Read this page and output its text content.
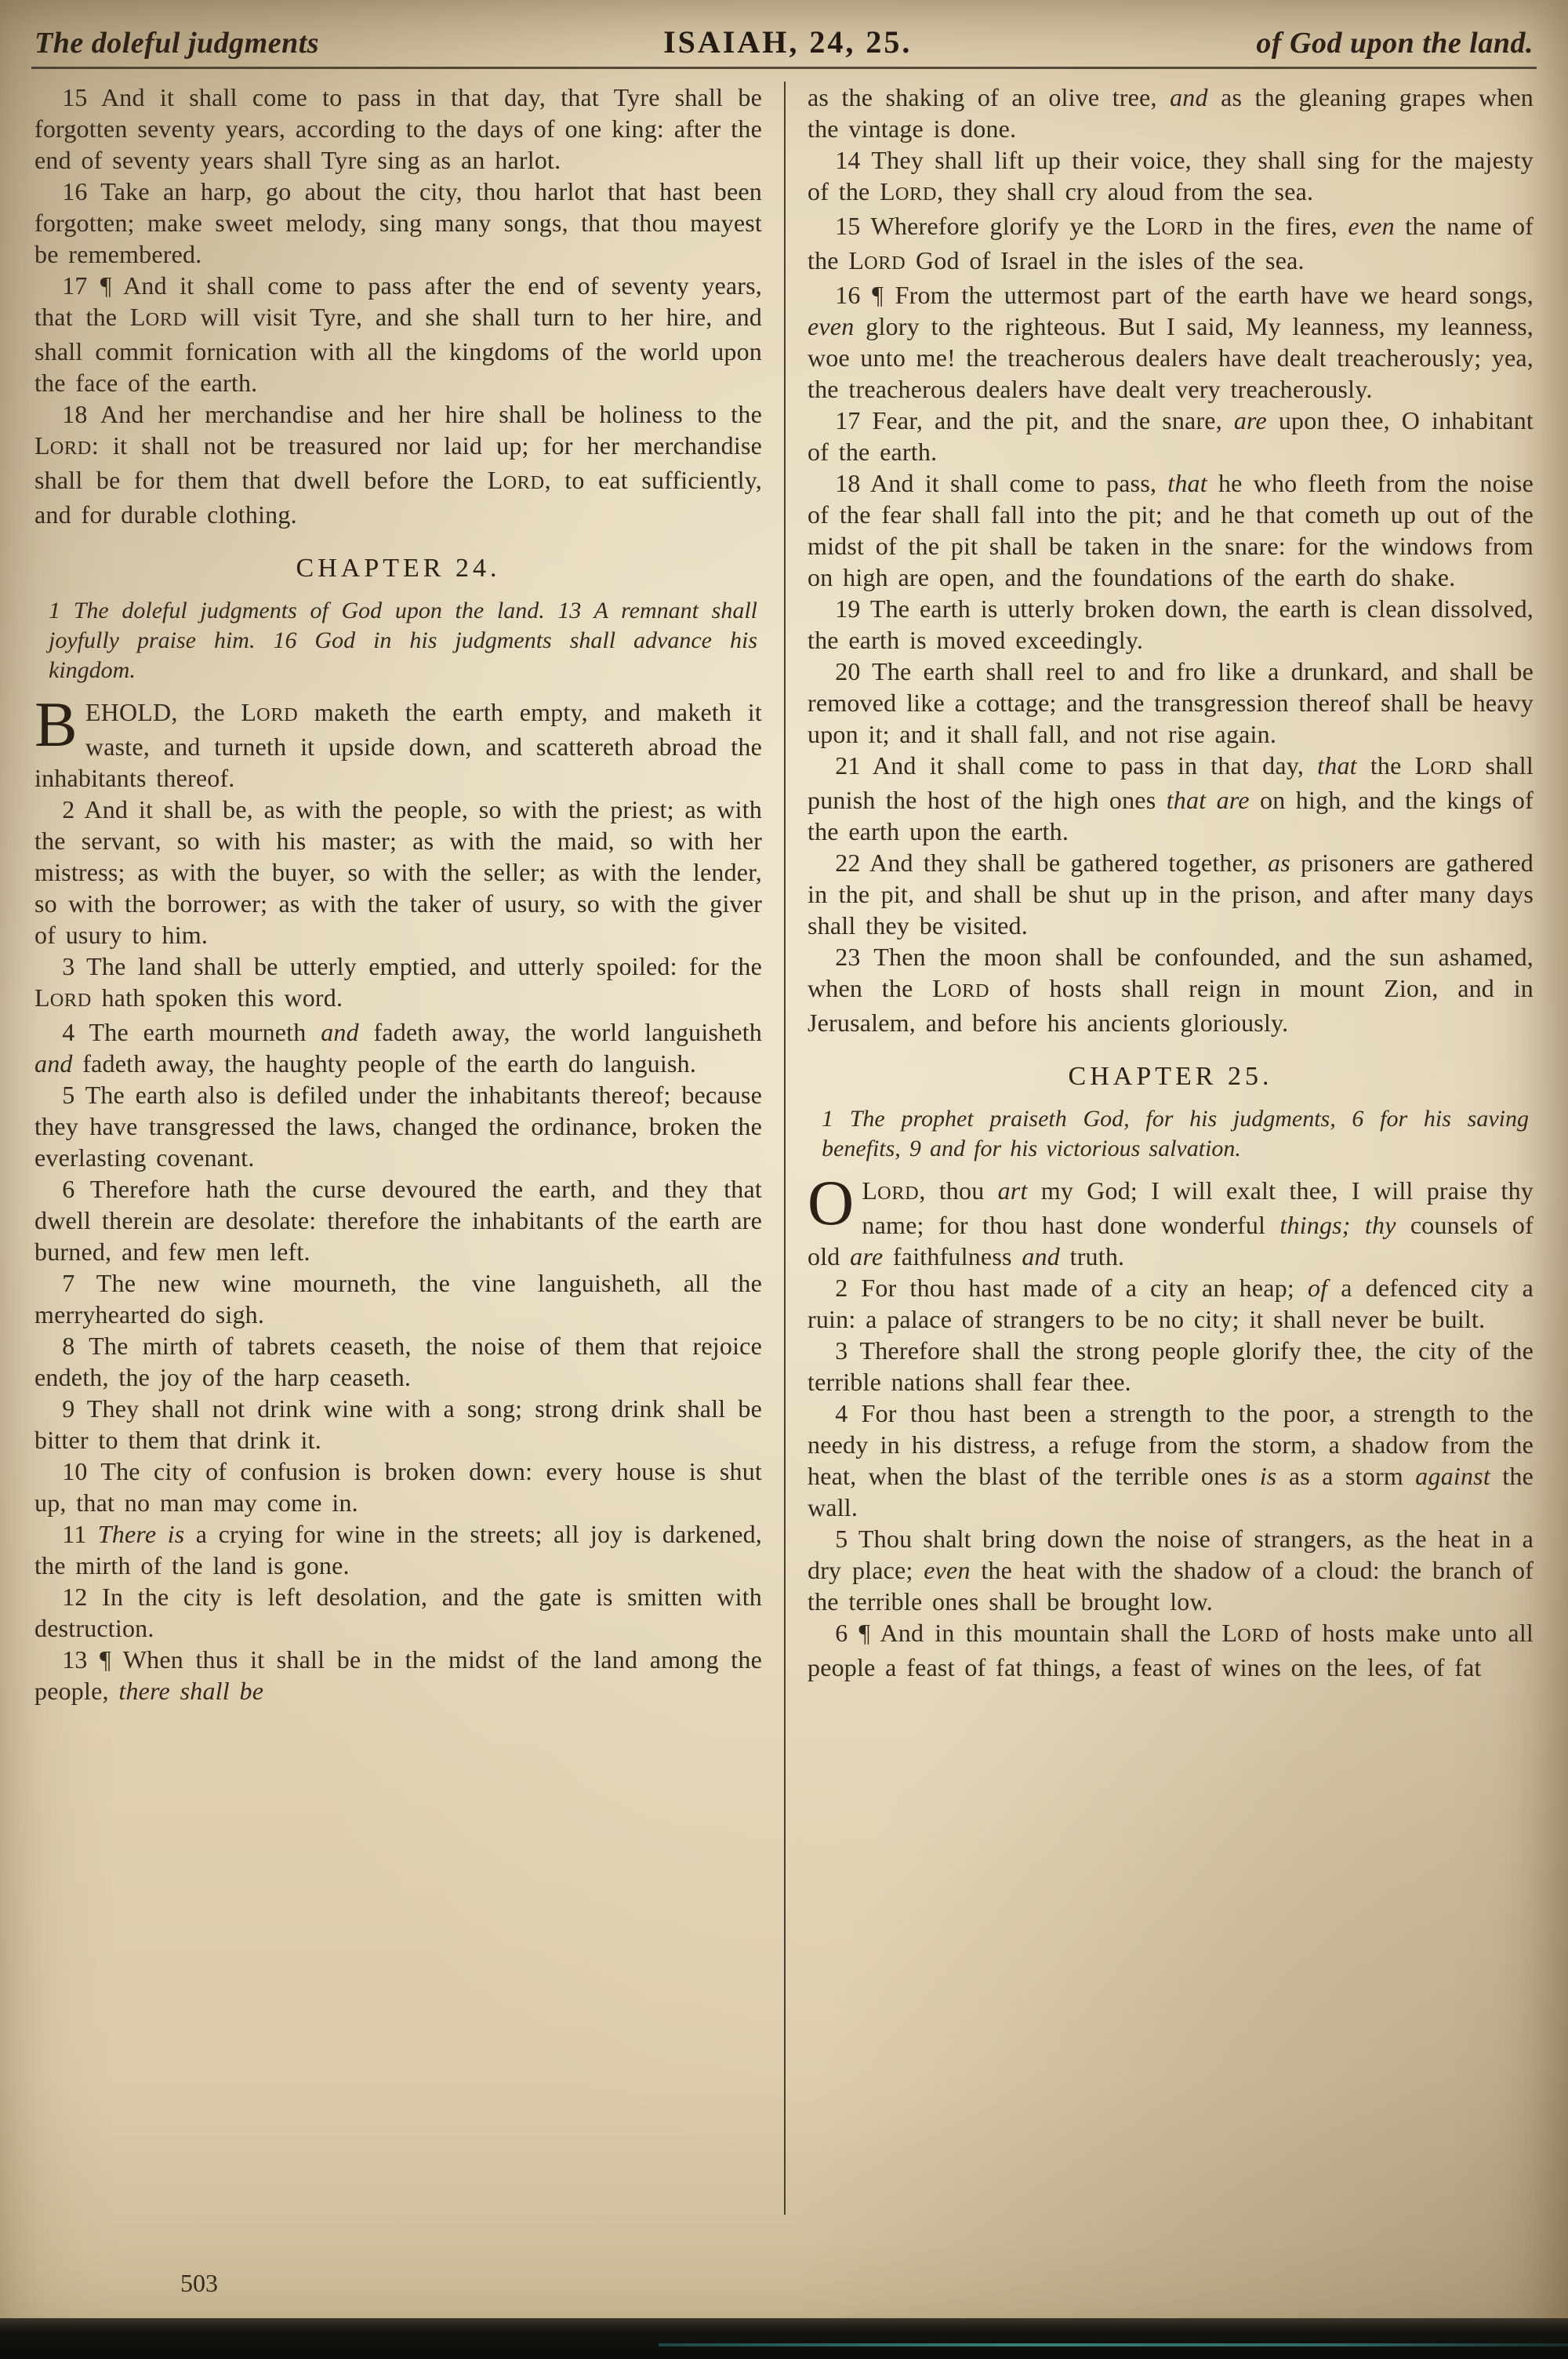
The doleful judgments	ISAIAH, 24, 25.	of God upon the land.

15 And it shall come to pass in that day, that Tyre shall be forgotten seventy years, according to the days of one king: after the end of seventy years shall Tyre sing as an harlot.

16 Take an harp, go about the city, thou harlot that hast been forgotten; make sweet melody, sing many songs, that thou mayest be remembered.

17 ¶ And it shall come to pass after the end of seventy years, that the LORD will visit Tyre, and she shall turn to her hire, and shall commit fornication with all the kingdoms of the world upon the face of the earth.

18 And her merchandise and her hire shall be holiness to the LORD: it shall not be treasured nor laid up; for her merchandise shall be for them that dwell before the LORD, to eat sufficiently, and for durable clothing.

CHAPTER 24.

1 The doleful judgments of God upon the land. 13 A remnant shall joyfully praise him. 16 God in his judgments shall advance his kingdom.

BEHOLD, the LORD maketh the earth empty, and maketh it waste, and turneth it upside down, and scattereth abroad the inhabitants thereof.

2 And it shall be, as with the people, so with the priest; as with the servant, so with his master; as with the maid, so with her mistress; as with the buyer, so with the seller; as with the lender, so with the borrower; as with the taker of usury, so with the giver of usury to him.

3 The land shall be utterly emptied, and utterly spoiled: for the LORD hath spoken this word.

4 The earth mourneth and fadeth away, the world languisheth and fadeth away, the haughty people of the earth do languish.

5 The earth also is defiled under the inhabitants thereof; because they have transgressed the laws, changed the ordinance, broken the everlasting covenant.

6 Therefore hath the curse devoured the earth, and they that dwell therein are desolate: therefore the inhabitants of the earth are burned, and few men left.

7 The new wine mourneth, the vine languisheth, all the merryhearted do sigh.

8 The mirth of tabrets ceaseth, the noise of them that rejoice endeth, the joy of the harp ceaseth.

9 They shall not drink wine with a song; strong drink shall be bitter to them that drink it.

10 The city of confusion is broken down: every house is shut up, that no man may come in.

11 There is a crying for wine in the streets; all joy is darkened, the mirth of the land is gone.

12 In the city is left desolation, and the gate is smitten with destruction.

13 ¶ When thus it shall be in the midst of the land among the people, there shall be

as the shaking of an olive tree, and as the gleaning grapes when the vintage is done.

14 They shall lift up their voice, they shall sing for the majesty of the LORD, they shall cry aloud from the sea.

15 Wherefore glorify ye the LORD in the fires, even the name of the LORD God of Israel in the isles of the sea.

16 ¶ From the uttermost part of the earth have we heard songs, even glory to the righteous. But I said, My leanness, my leanness, woe unto me! the treacherous dealers have dealt treacherously; yea, the treacherous dealers have dealt very treacherously.

17 Fear, and the pit, and the snare, are upon thee, O inhabitant of the earth.

18 And it shall come to pass, that he who fleeth from the noise of the fear shall fall into the pit; and he that cometh up out of the midst of the pit shall be taken in the snare: for the windows from on high are open, and the foundations of the earth do shake.

19 The earth is utterly broken down, the earth is clean dissolved, the earth is moved exceedingly.

20 The earth shall reel to and fro like a drunkard, and shall be removed like a cottage; and the transgression thereof shall be heavy upon it; and it shall fall, and not rise again.

21 And it shall come to pass in that day, that the LORD shall punish the host of the high ones that are on high, and the kings of the earth upon the earth.

22 And they shall be gathered together, as prisoners are gathered in the pit, and shall be shut up in the prison, and after many days shall they be visited.

23 Then the moon shall be confounded, and the sun ashamed, when the LORD of hosts shall reign in mount Zion, and in Jerusalem, and before his ancients gloriously.

CHAPTER 25.

1 The prophet praiseth God, for his judgments, 6 for his saving benefits, 9 and for his victorious salvation.

O LORD, thou art my God; I will exalt thee, I will praise thy name; for thou hast done wonderful things; thy counsels of old are faithfulness and truth.

2 For thou hast made of a city an heap; of a defenced city a ruin: a palace of strangers to be no city; it shall never be built.

3 Therefore shall the strong people glorify thee, the city of the terrible nations shall fear thee.

4 For thou hast been a strength to the poor, a strength to the needy in his distress, a refuge from the storm, a shadow from the heat, when the blast of the terrible ones is as a storm against the wall.

5 Thou shalt bring down the noise of strangers, as the heat in a dry place; even the heat with the shadow of a cloud: the branch of the terrible ones shall be brought low.

6 ¶ And in this mountain shall the LORD of hosts make unto all people a feast of fat things, a feast of wines on the lees, of fat

503
